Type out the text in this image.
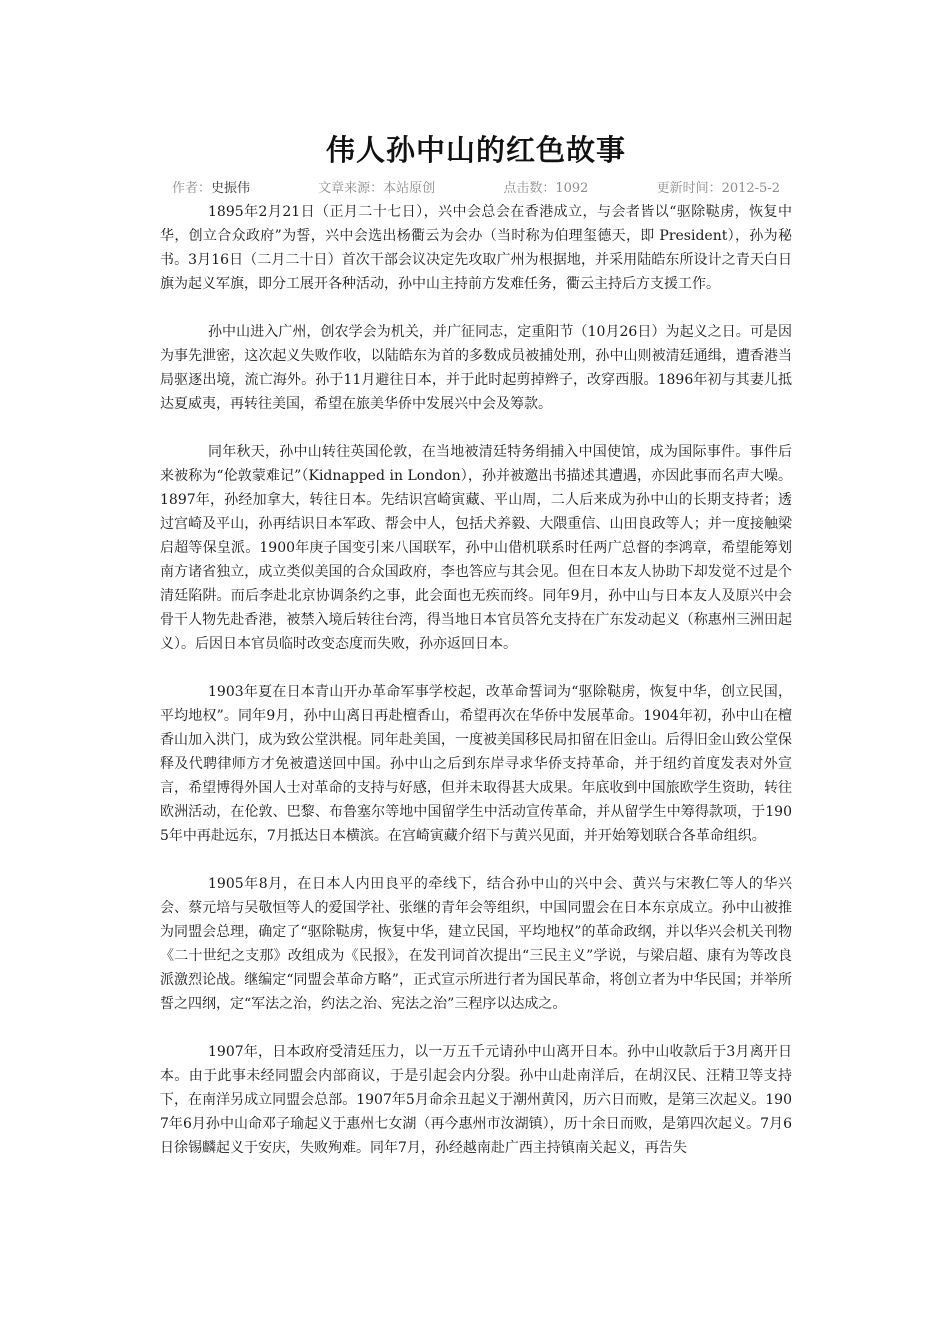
伟人孙中山的红色故事
作者：史振伟	文章来源：本站原创	点击数：1092	更新时间：2012-5-2

1895年2月21日（正月二十七日），兴中会总会在香港成立，与会者皆以“驱除鞑虏，恢复中华，创立合众政府”为誓，兴中会选出杨衢云为会办（当时称为伯理玺德天，即 President），孙为秘书。3月16日（二月二十日）首次干部会议决定先攻取广州为根据地，并采用陆皓东所设计之青天白日旗为起义军旗，即分工展开各种活动，孙中山主持前方发难任务，衢云主持后方支援工作。

孙中山进入广州，创农学会为机关，并广征同志，定重阳节（10月26日）为起义之日。可是因为事先泄密，这次起义失败作收，以陆皓东为首的多数成员被捕处刑，孙中山则被清廷通缉，遭香港当局驱逐出境，流亡海外。孙于11月避往日本，并于此时起剪掉辫子，改穿西服。1896年初与其妻儿抵达夏威夷，再转往美国，希望在旅美华侨中发展兴中会及筹款。

同年秋天，孙中山转往英国伦敦，在当地被清廷特务绢捕入中国使馆，成为国际事件。事件后来被称为“伦敦蒙难记”（Kidnapped in London），孙并被邀出书描述其遭遇，亦因此事而名声大噪。1897年，孙经加拿大，转往日本。先结识宫崎寅藏、平山周，二人后来成为孙中山的长期支持者；透过宫崎及平山，孙再结识日本军政、帮会中人，包括犬养毅、大隈重信、山田良政等人；并一度接触梁启超等保皇派。1900年庚子国变引来八国联军，孙中山借机联系时任两广总督的李鸿章，希望能筹划南方诸省独立，成立类似美国的合众国政府，李也答应与其会见。但在日本友人协助下却发觉不过是个清廷陷阱。而后李赴北京协调条约之事，此会面也无疾而终。同年9月，孙中山与日本友人及原兴中会骨干人物先赴香港，被禁入境后转往台湾，得当地日本官员答允支持在广东发动起义（称惠州三洲田起义）。后因日本官员临时改变态度而失败，孙亦返回日本。

1903年夏在日本青山开办革命军事学校起，改革命誓词为“驱除鞑虏，恢复中华，创立民国，平均地权”。同年9月，孙中山离日再赴檀香山，希望再次在华侨中发展革命。1904年初，孙中山在檀香山加入洪门，成为致公堂洪棍。同年赴美国，一度被美国移民局扣留在旧金山。后得旧金山致公堂保释及代聘律师方才免被遣送回中国。孙中山之后到东岸寻求华侨支持革命，并于纽约首度发表对外宣言，希望博得外国人士对革命的支持与好感，但并未取得甚大成果。年底收到中国旅欧学生资助，转往欧洲活动，在伦敦、巴黎、布鲁塞尔等地中国留学生中活动宣传革命，并从留学生中筹得款项，于1905年中再赴远东，7月抵达日本横滨。在宫崎寅藏介绍下与黄兴见面，并开始筹划联合各革命组织。

1905年8月，在日本人内田良平的牵线下，结合孙中山的兴中会、黄兴与宋教仁等人的华兴会、蔡元培与吴敬恒等人的爱国学社、张继的青年会等组织，中国同盟会在日本东京成立。孙中山被推为同盟会总理，确定了“驱除鞑虏，恢复中华，建立民国，平均地权”的革命政纲，并以华兴会机关刊物《二十世纪之支那》改组成为《民报》，在发刊词首次提出“三民主义”学说，与梁启超、康有为等改良派激烈论战。继编定“同盟会革命方略”，正式宣示所进行者为国民革命，将创立者为中华民国；并举所誓之四纲，定“军法之治，约法之治、宪法之治”三程序以达成之。

1907年，日本政府受清廷压力，以一万五千元请孙中山离开日本。孙中山收款后于3月离开日本。由于此事未经同盟会内部商议，于是引起会内分裂。孙中山赴南洋后，在胡汉民、汪精卫等支持下，在南洋另成立同盟会总部。1907年5月命余丑起义于潮州黄冈，历六日而败，是第三次起义。1907年6月孙中山命邓子瑜起义于惠州七女湖（再今惠州市汝湖镇），历十余日而败，是第四次起义。7月6日徐锡麟起义于安庆，失败殉难。同年7月，孙经越南赴广西主持镇南关起义，再告失
